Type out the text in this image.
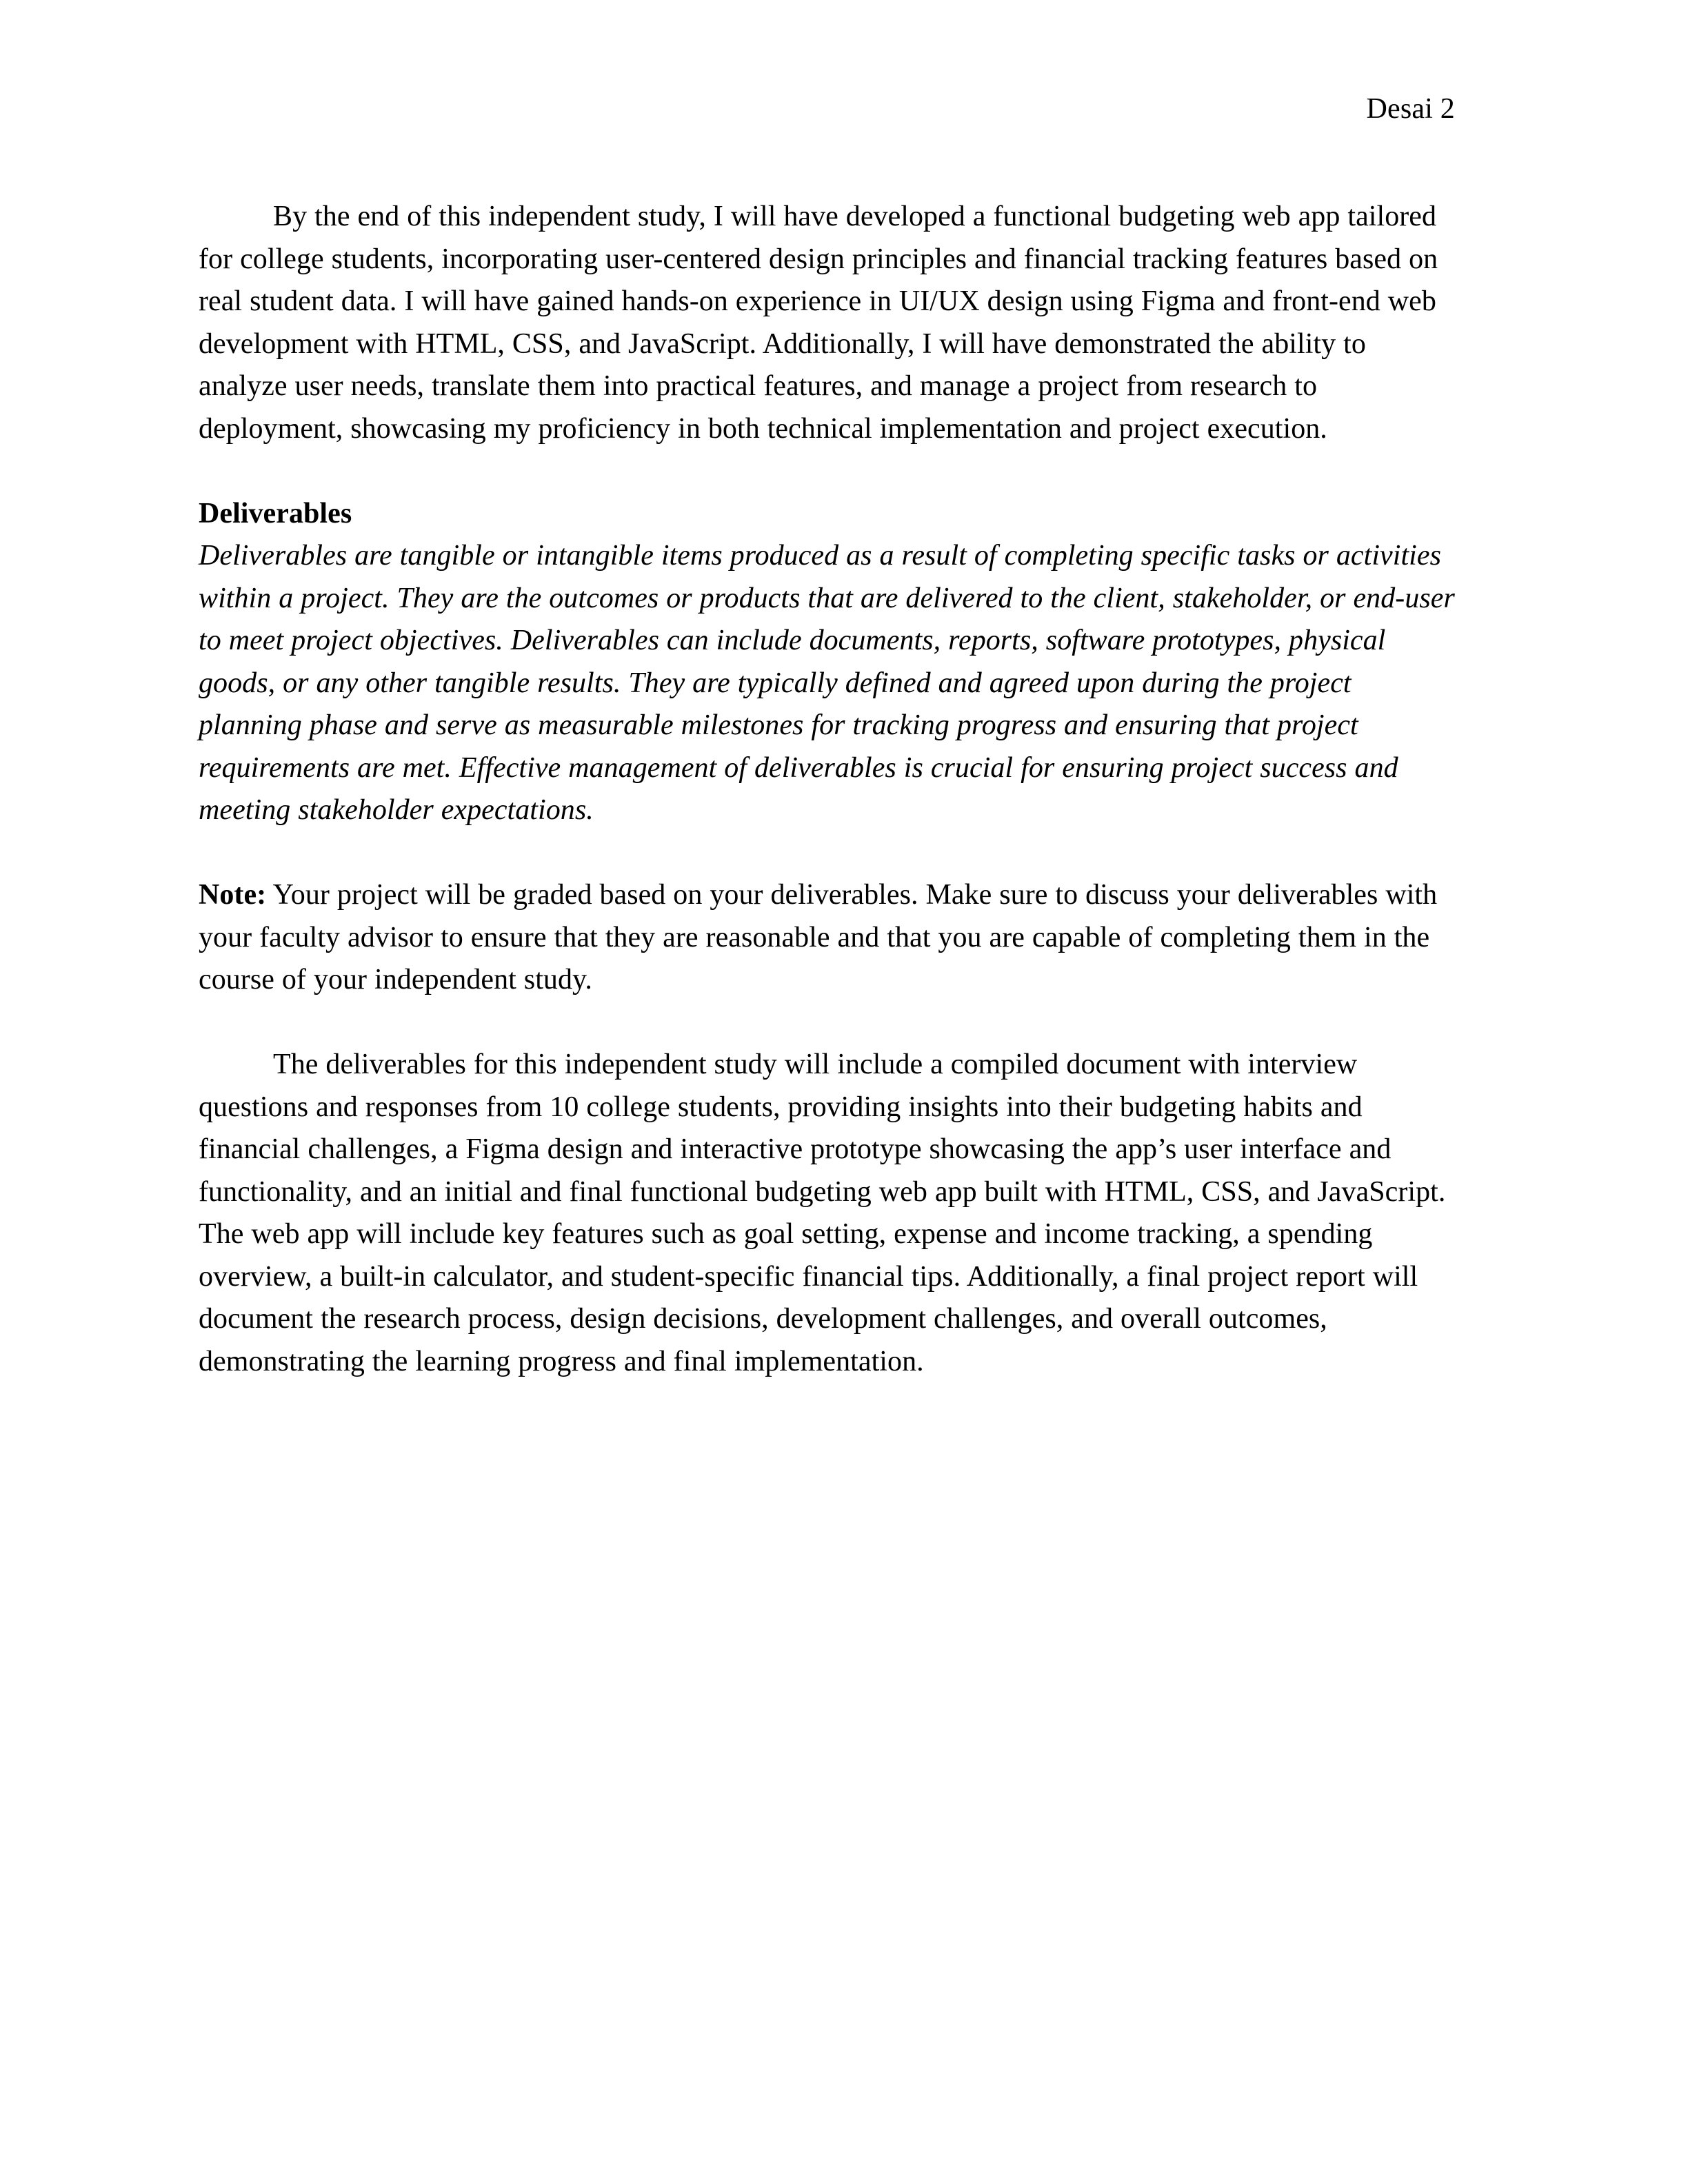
Desai 2

By the end of this independent study, I will have developed a functional budgeting web app tailored for college students, incorporating user-centered design principles and financial tracking features based on real student data. I will have gained hands-on experience in UI/UX design using Figma and front-end web development with HTML, CSS, and JavaScript. Additionally, I will have demonstrated the ability to analyze user needs, translate them into practical features, and manage a project from research to deployment, showcasing my proficiency in both technical implementation and project execution.

Deliverables

Deliverables are tangible or intangible items produced as a result of completing specific tasks or activities within a project. They are the outcomes or products that are delivered to the client, stakeholder, or end-user to meet project objectives. Deliverables can include documents, reports, software prototypes, physical goods, or any other tangible results. They are typically defined and agreed upon during the project planning phase and serve as measurable milestones for tracking progress and ensuring that project requirements are met. Effective management of deliverables is crucial for ensuring project success and meeting stakeholder expectations.

Note: Your project will be graded based on your deliverables. Make sure to discuss your deliverables with your faculty advisor to ensure that they are reasonable and that you are capable of completing them in the course of your independent study.

The deliverables for this independent study will include a compiled document with interview questions and responses from 10 college students, providing insights into their budgeting habits and financial challenges, a Figma design and interactive prototype showcasing the app’s user interface and functionality, and an initial and final functional budgeting web app built with HTML, CSS, and JavaScript. The web app will include key features such as goal setting, expense and income tracking, a spending overview, a built-in calculator, and student-specific financial tips. Additionally, a final project report will document the research process, design decisions, development challenges, and overall outcomes, demonstrating the learning progress and final implementation.
